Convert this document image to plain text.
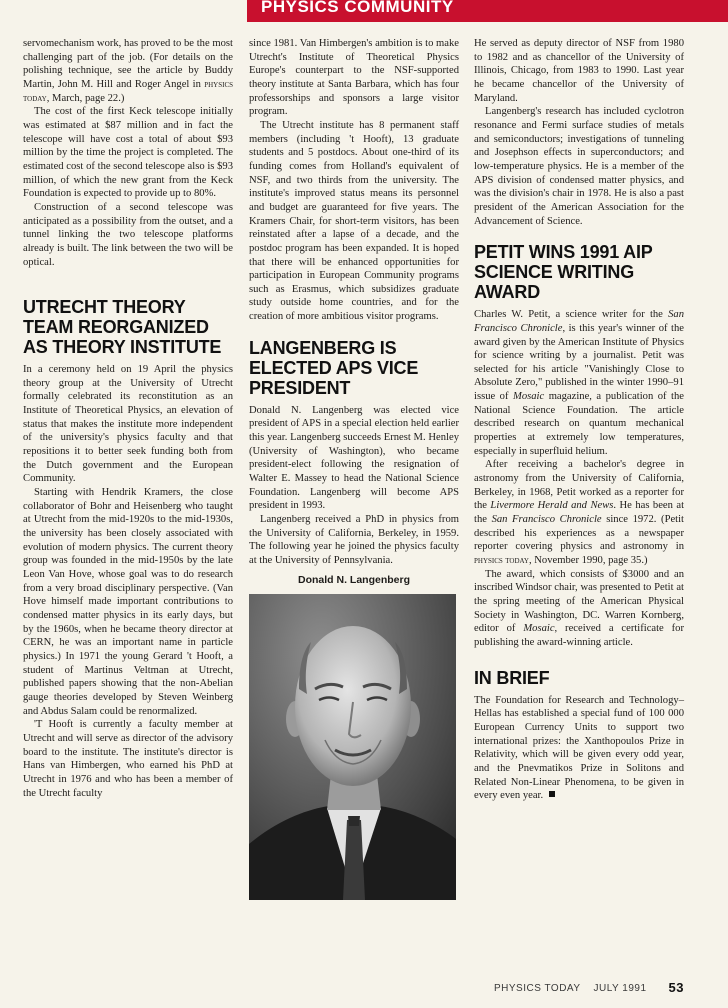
PHYSICS COMMUNITY

servomechanism work, has proved to be the most challenging part of the job. (For details on the polishing technique, see the article by Buddy Martin, John M. Hill and Roger Angel in physics today, March, page 22.)

The cost of the first Keck telescope initially was estimated at $87 million and in fact the telescope will have cost a total of about $93 million by the time the project is completed. The estimated cost of the second telescope also is $93 million, of which the new grant from the Keck Foundation is expected to provide up to 80%.

Construction of a second telescope was anticipated as a possibility from the outset, and a tunnel linking the two telescope platforms already is built. The link between the two will be optical.

UTRECHT THEORY TEAM REORGANIZED AS THEORY INSTITUTE

In a ceremony held on 19 April the physics theory group at the University of Utrecht formally celebrated its reconstitution as an Institute of Theoretical Physics, an elevation of status that makes the institute more independent of the university's physics faculty and that repositions it to better seek funding both from the Dutch government and the European Community.

Starting with Hendrik Kramers, the close collaborator of Bohr and Heisenberg who taught at Utrecht from the mid-1920s to the mid-1930s, the university has been closely associated with evolution of modern physics. The current theory group was founded in the mid-1950s by the late Leon Van Hove, whose goal was to do research from a very broad disciplinary perspective. (Van Hove himself made important contributions to condensed matter physics in its early days, but by the 1960s, when he became theory director at CERN, he was an important name in particle physics.) In 1971 the young Gerard 't Hooft, a student of Martinus Veltman at Utrecht, published papers showing that the non-Abelian gauge theories developed by Steven Weinberg and Abdus Salam could be renormalized.

'T Hooft is currently a faculty member at Utrecht and will serve as director of the advisory board to the institute. The institute's director is Hans van Himbergen, who earned his PhD at Utrecht in 1976 and who has been a member of the Utrecht faculty

since 1981. Van Himbergen's ambition is to make Utrecht's Institute of Theoretical Physics Europe's counterpart to the NSF-supported theory institute at Santa Barbara, which has four professorships and sponsors a large visitor program.

The Utrecht institute has 8 permanent staff members (including 't Hooft), 13 graduate students and 5 postdocs. About one-third of its funding comes from Holland's equivalent of NSF, and two thirds from the university. The institute's improved status means its personnel and budget are guaranteed for five years. The Kramers Chair, for short-term visitors, has been reinstated after a lapse of a decade, and the postdoc program has been expanded. It is hoped that there will be enhanced opportunities for participation in European Community programs such as Erasmus, which subsidizes graduate study outside home countries, and for the creation of more ambitious visitor programs.

LANGENBERG IS ELECTED APS VICE PRESIDENT

Donald N. Langenberg was elected vice president of APS in a special election held earlier this year. Langenberg succeeds Ernest M. Henley (University of Washington), who became president-elect following the resignation of Walter E. Massey to head the National Science Foundation. Langenberg will become APS president in 1993.

Langenberg received a PhD in physics from the University of California, Berkeley, in 1959. The following year he joined the physics faculty at the University of Pennsylvania.

Donald N. Langenberg

He served as deputy director of NSF from 1980 to 1982 and as chancellor of the University of Illinois, Chicago, from 1983 to 1990. Last year he became chancellor of the University of Maryland.

Langenberg's research has included cyclotron resonance and Fermi surface studies of metals and semiconductors; investigations of tunneling and Josephson effects in superconductors; and low-temperature physics. He is a member of the APS division of condensed matter physics, and was the division's chair in 1978. He is also a past president of the American Association for the Advancement of Science.

PETIT WINS 1991 AIP SCIENCE WRITING AWARD

Charles W. Petit, a science writer for the San Francisco Chronicle, is this year's winner of the award given by the American Institute of Physics for science writing by a journalist. Petit was selected for his article "Vanishingly Close to Absolute Zero," published in the winter 1990–91 issue of Mosaic magazine, a publication of the National Science Foundation. The article described research on quantum mechanical properties at extremely low temperatures, especially in superfluid helium.

After receiving a bachelor's degree in astronomy from the University of California, Berkeley, in 1968, Petit worked as a reporter for the Livermore Herald and News. He has been at the San Francisco Chronicle since 1972. (Petit described his experiences as a newspaper reporter covering physics and astronomy in physics today, November 1990, page 35.)

The award, which consists of $3000 and an inscribed Windsor chair, was presented to Petit at the spring meeting of the American Physical Society in Washington, DC. Warren Kornberg, editor of Mosaic, received a certificate for publishing the award-winning article.

IN BRIEF

The Foundation for Research and Technology–Hellas has established a special fund of 100 000 European Currency Units to support two international prizes: the Xanthopoulos Prize in Relativity, which will be given every odd year, and the Pnevmatikos Prize in Solitons and Related Non-Linear Phenomena, to be given in every even year.

PHYSICS TODAY JULY 1991 53
